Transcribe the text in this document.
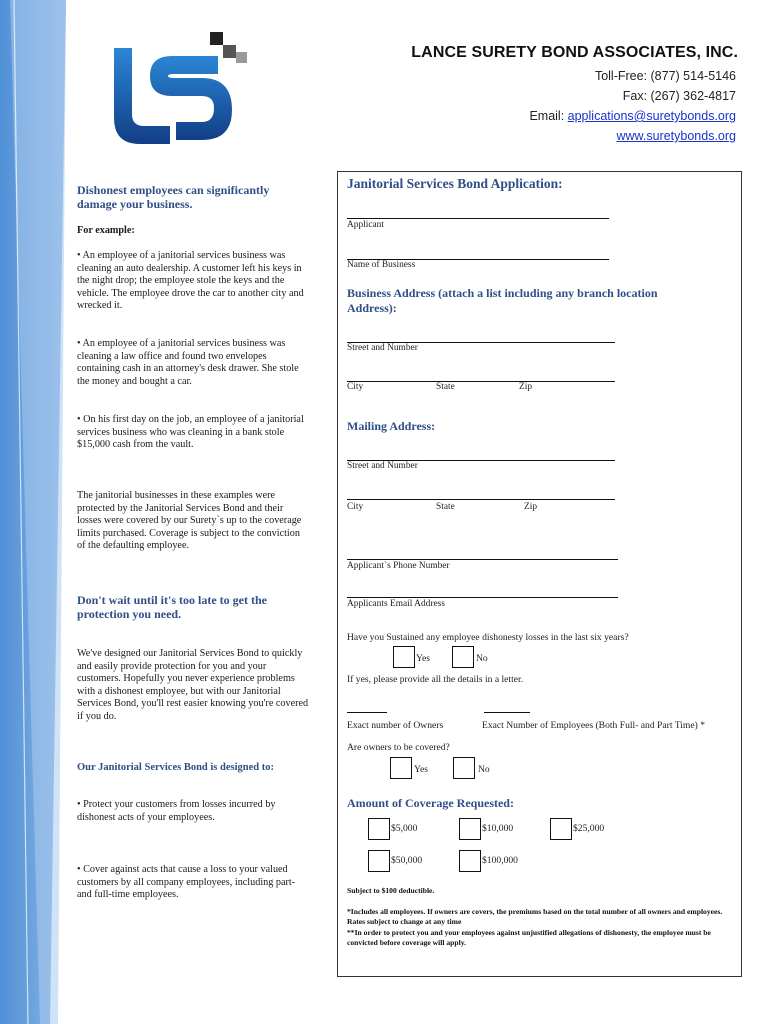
LANCE SURETY BOND ASSOCIATES, INC.
Toll-Free: (877) 514-5146
Fax: (267) 362-4817
Email: applications@suretybonds.org
www.suretybonds.org
Dishonest employees can significantly damage your business.
For example:
• An employee of a janitorial services business was cleaning an auto dealership. A customer left his keys in the night drop; the employee stole the keys and the vehicle. The employee drove the car to another city and wrecked it.
• An employee of a janitorial services business was cleaning a law office and found two envelopes containing cash in an attorney's desk drawer. She stole the money and bought a car.
• On his first day on the job, an employee of a janitorial services business who was cleaning in a bank stole $15,000 cash from the vault.
The janitorial businesses in these examples were protected by the Janitorial Services Bond and their losses were covered by our Surety`s up to the coverage limits purchased. Coverage is subject to the conviction of the defaulting employee.
Don't wait until it's too late to get the protection you need.
We've designed our Janitorial Services Bond to quickly and easily provide protection for you and your customers. Hopefully you never experience problems with a dishonest employee, but with our Janitorial Services Bond, you'll rest easier knowing you're covered if you do.
Our Janitorial Services Bond is designed to:
• Protect your customers from losses incurred by dishonest acts of your employees.
• Cover against acts that cause a loss to your valued customers by all company employees, including part- and full-time employees.
Janitorial Services Bond Application:
Applicant
Name of Business
Business Address (attach a list including any branch location Address):
Street and Number
City	State	Zip
Mailing Address:
Street and Number
City	State	Zip
Applicant`s Phone Number
Applicants Email Address
Have you Sustained any employee dishonesty losses in the last six years?
Yes	No
If yes, please provide all the details in a letter.
Exact number of Owners	Exact Number of Employees (Both Full- and Part Time) *
Are owners to be covered?
Yes	No
Amount of Coverage Requested:
$5,000	$10,000	$25,000
$50,000	$100,000
Subject to $100 deductible.
*Includes all employees. If owners are covers, the premiums based on the total number of all owners and employees. Rates subject to change at any time
**In order to protect you and your employees against unjustified allegations of dishonesty, the employee must be convicted before coverage will apply.
